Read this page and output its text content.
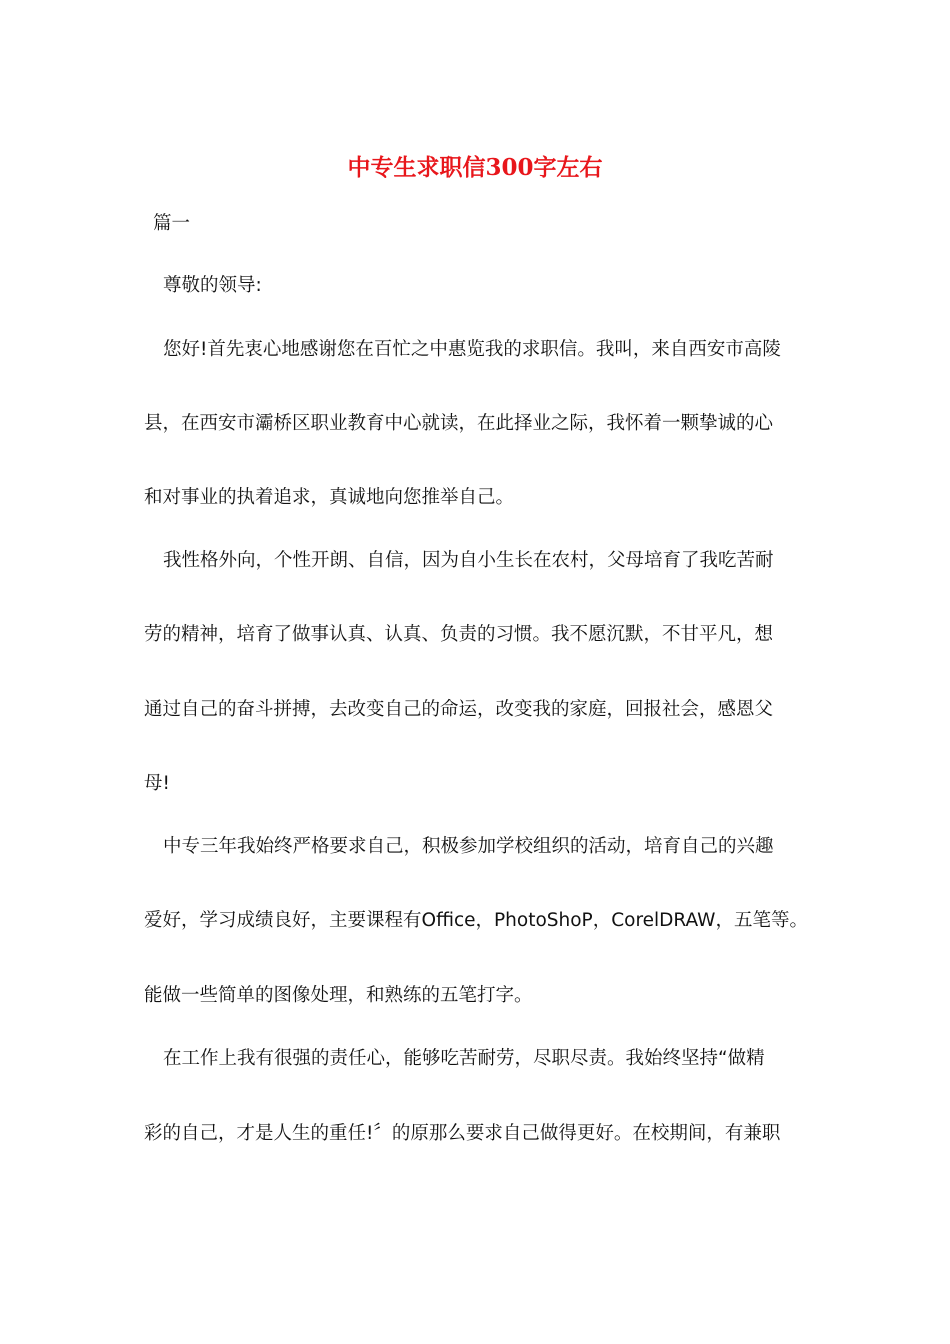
中专生求职信300字左右

篇一

尊敬的领导:

您好!首先衷心地感谢您在百忙之中惠览我的求职信。我叫，来自西安市高陵

县，在西安市灞桥区职业教育中心就读，在此择业之际，我怀着一颗挚诚的心

和对事业的执着追求，真诚地向您推举自己。

我性格外向，个性开朗、自信，因为自小生长在农村，父母培育了我吃苦耐

劳的精神，培育了做事认真、认真、负责的习惯。我不愿沉默，不甘平凡，想

通过自己的奋斗拼搏，去改变自己的命运，改变我的家庭，回报社会，感恩父

母!

中专三年我始终严格要求自己，积极参加学校组织的活动，培育自己的兴趣

爱好，学习成绩良好，主要课程有Office，PhotoShoP，CorelDRAW，五笔等。

能做一些简单的图像处理，和熟练的五笔打字。

在工作上我有很强的责任心，能够吃苦耐劳，尽职尽责。我始终坚持“做精

彩的自己，才是人生的重任!〞的原那么要求自己做得更好。在校期间，有兼职
